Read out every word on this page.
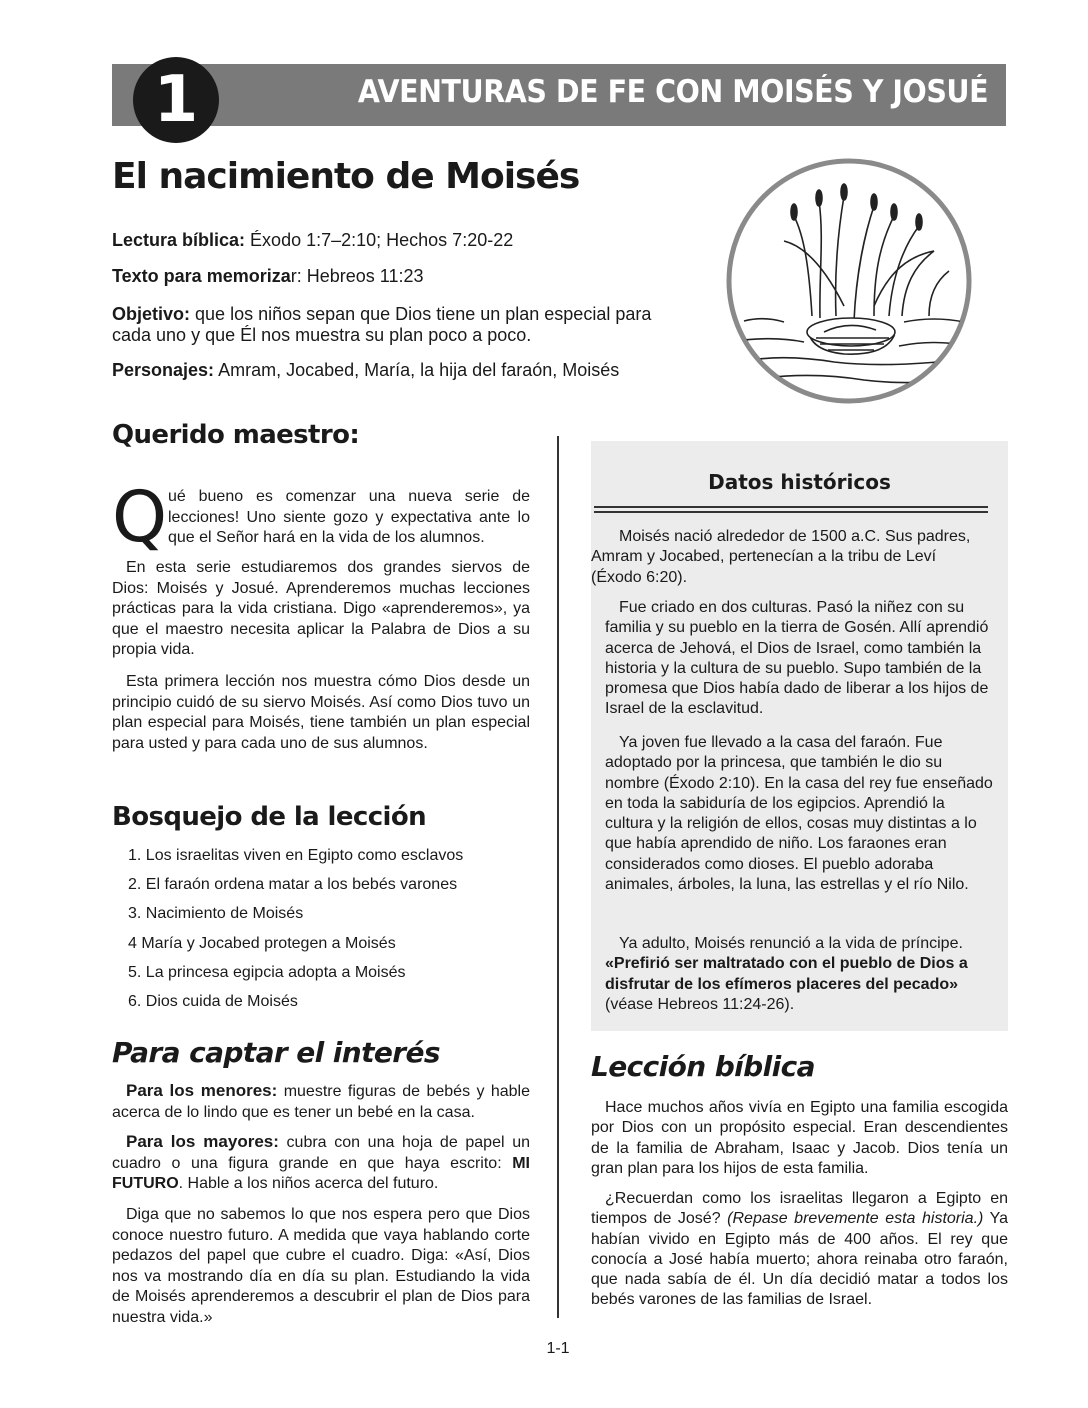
1	AVENTURAS DE FE CON MOISÉS Y JOSUÉ
El nacimiento de Moisés
Lectura bíblica: Éxodo 1:7–2:10; Hechos 7:20-22
Texto para memorizar: Hebreos 11:23
Objetivo: que los niños sepan que Dios tiene un plan especial para cada uno y que Él nos muestra su plan poco a poco.
Personajes: Amram, Jocabed, María, la hija del faraón, Moisés
Querido maestro:
Q ué bueno es comenzar una nueva serie de lecciones! Uno siente gozo y expectativa ante lo que el Señor hará en la vida de los alumnos.

En esta serie estudiaremos dos grandes siervos de Dios: Moisés y Josué. Aprenderemos muchas lecciones prácticas para la vida cristiana. Digo «aprenderemos», ya que el maestro necesita aplicar la Palabra de Dios a su propia vida.

Esta primera lección nos muestra cómo Dios desde un principio cuidó de su siervo Moisés. Así como Dios tuvo un plan especial para Moisés, tiene también un plan especial para usted y para cada uno de sus alumnos.

Bosquejo de la lección
1. Los israelitas viven en Egipto como esclavos
2. El faraón ordena matar a los bebés varones
3. Nacimiento de Moisés
4 María y Jocabed protegen a Moisés
5. La princesa egipcia adopta a Moisés
6. Dios cuida de Moisés
Para captar el interés

Para los menores: muestre figuras de bebés y hable acerca de lo lindo que es tener un bebé en la casa.

Para los mayores: cubra con una hoja de papel un cuadro o una figura grande en que haya escrito: MI FUTURO. Hable a los niños acerca del futuro.

Diga que no sabemos lo que nos espera pero que Dios conoce nuestro futuro. A medida que vaya hablando corte pedazos del papel que cubre el cuadro. Diga: «Así, Dios nos va mostrando día en día su plan. Estudiando la vida de Moisés aprenderemos a descubrir el plan de Dios para nuestra vida.»

Datos históricos

Moisés nació alrededor de 1500 a.C. Sus padres, Amram y Jocabed, pertenecían a la tribu de Leví (Éxodo 6:20).

Fue criado en dos culturas. Pasó la niñez con su familia y su pueblo en la tierra de Gosén. Allí aprendió acerca de Jehová, el Dios de Israel, como también la historia y la cultura de su pueblo. Supo también de la promesa que Dios había dado de liberar a los hijos de Israel de la esclavitud.

Ya joven fue llevado a la casa del faraón. Fue adoptado por la princesa, que también le dio su nombre (Éxodo 2:10). En la casa del rey fue enseñado en toda la sabiduría de los egipcios. Aprendió la cultura y la religión de ellos, cosas muy distintas a lo que había aprendido de niño. Los faraones eran considerados como dioses. El pueblo adoraba animales, árboles, la luna, las estrellas y el río Nilo.

Ya adulto, Moisés renunció a la vida de príncipe. «Prefirió ser maltratado con el pueblo de Dios a disfrutar de los efímeros placeres del pecado» (véase Hebreos 11:24-26).

Lección bíblica

Hace muchos años vivía en Egipto una familia escogida por Dios con un propósito especial. Eran descendientes de la familia de Abraham, Isaac y Jacob. Dios tenía un gran plan para los hijos de esta familia.

¿Recuerdan como los israelitas llegaron a Egipto en tiempos de José? (Repase brevemente esta historia.) Ya habían vivido en Egipto más de 400 años. El rey que conocía a José había muerto; ahora reinaba otro faraón, que nada sabía de él. Un día decidió matar a todos los bebés varones de las familias de Israel.

1-1
